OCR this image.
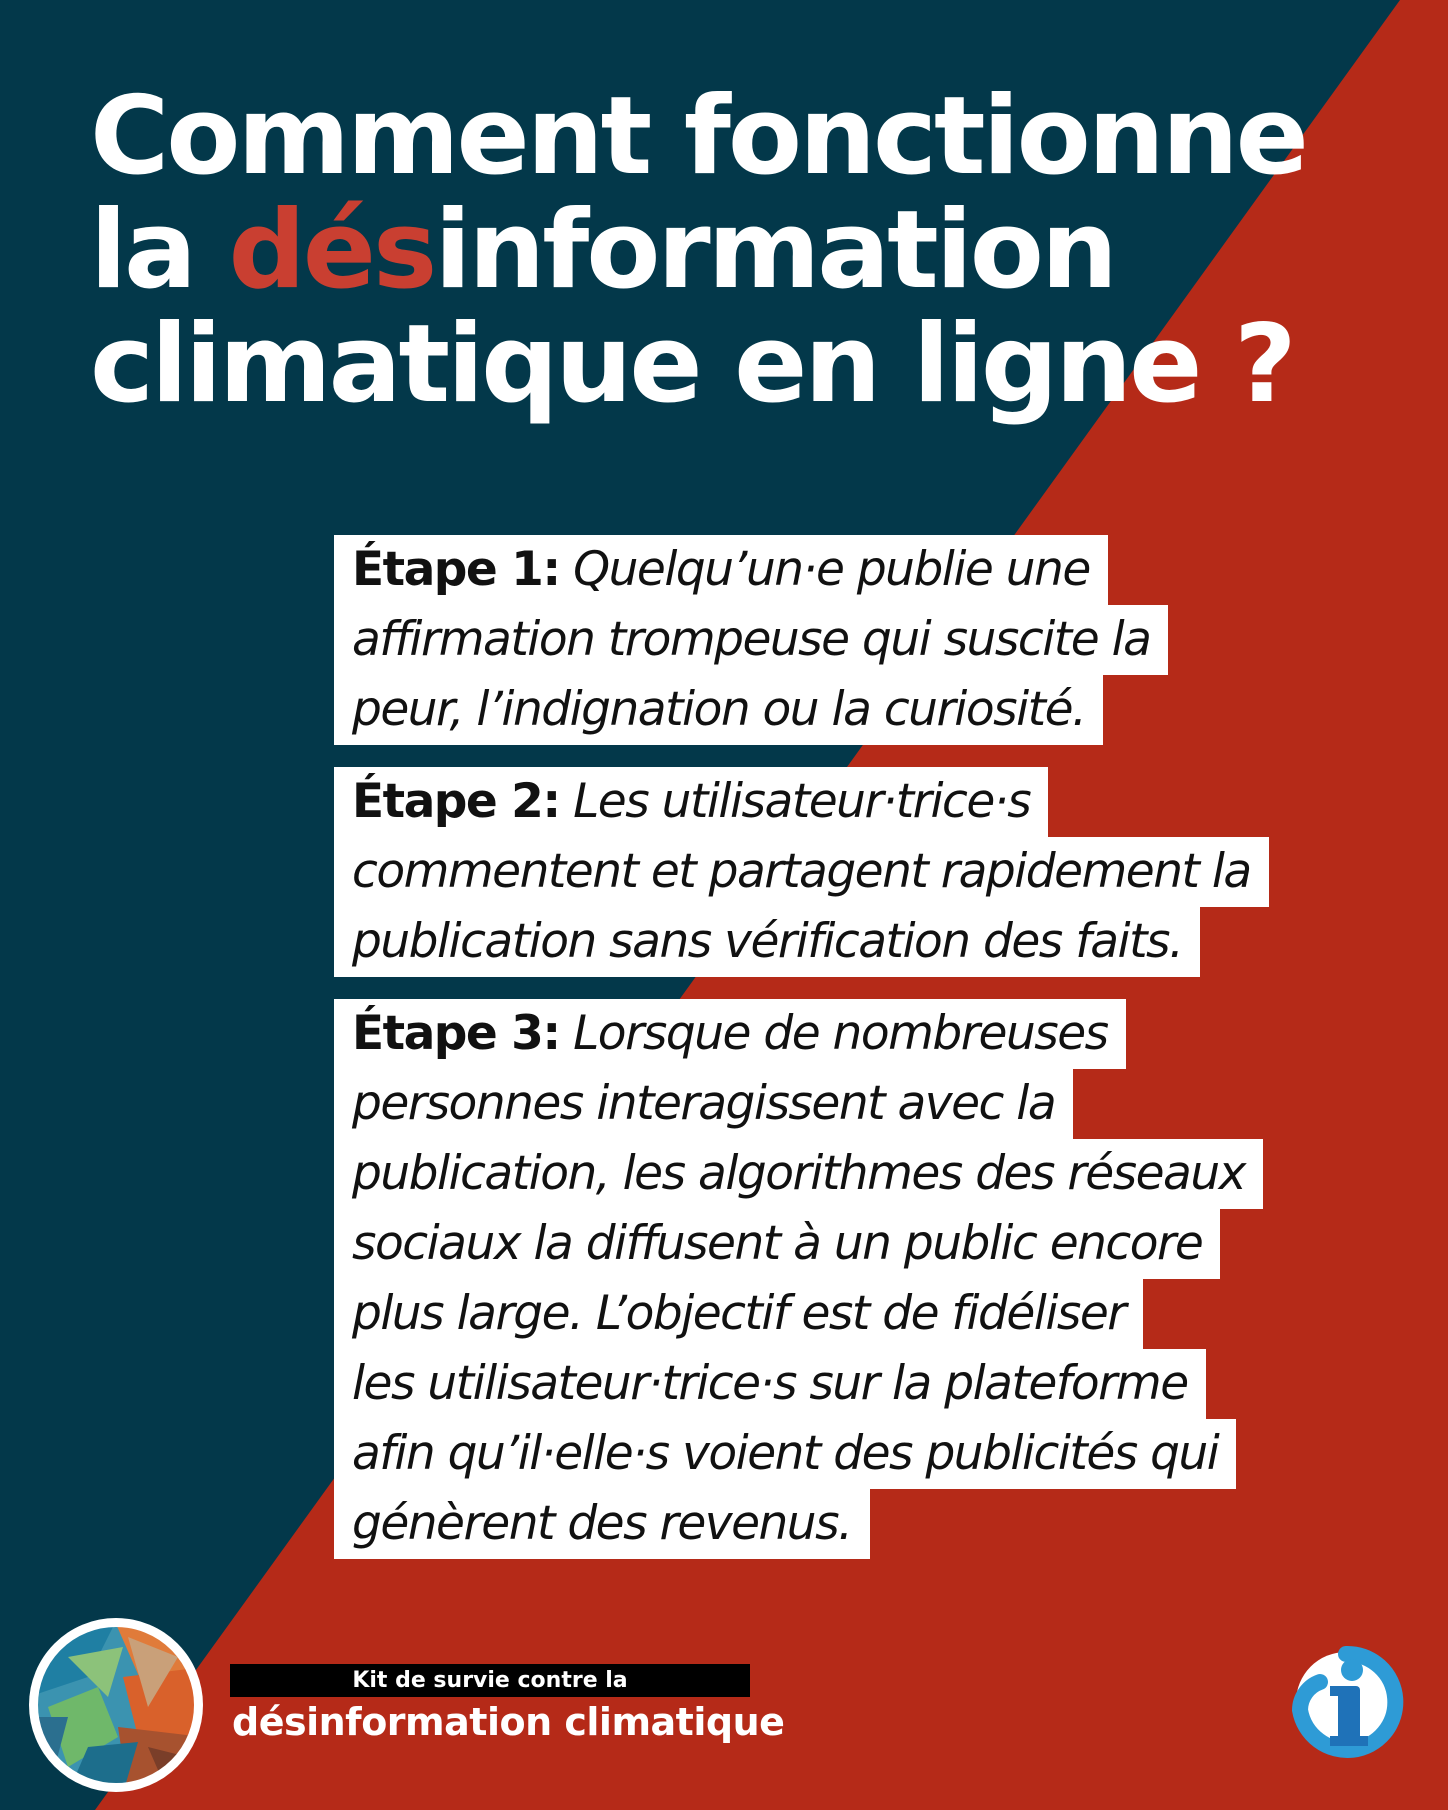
Comment fonctionne
la désinformation
climatique en ligne ?
Étape 1: Quelqu’un·e publie une
affirmation trompeuse qui suscite la
peur, l’indignation ou la curiosité.
Étape 2: Les utilisateur·trice·s
commentent et partagent rapidement la
publication sans vérification des faits.
Étape 3: Lorsque de nombreuses
personnes interagissent avec la
publication, les algorithmes des réseaux
sociaux la diffusent à un public encore
plus large. L’objectif est de fidéliser
les utilisateur·trice·s sur la plateforme
afin qu’il·elle·s voient des publicités qui
génèrent des revenus.
Kit de survie contre la
désinformation climatique
